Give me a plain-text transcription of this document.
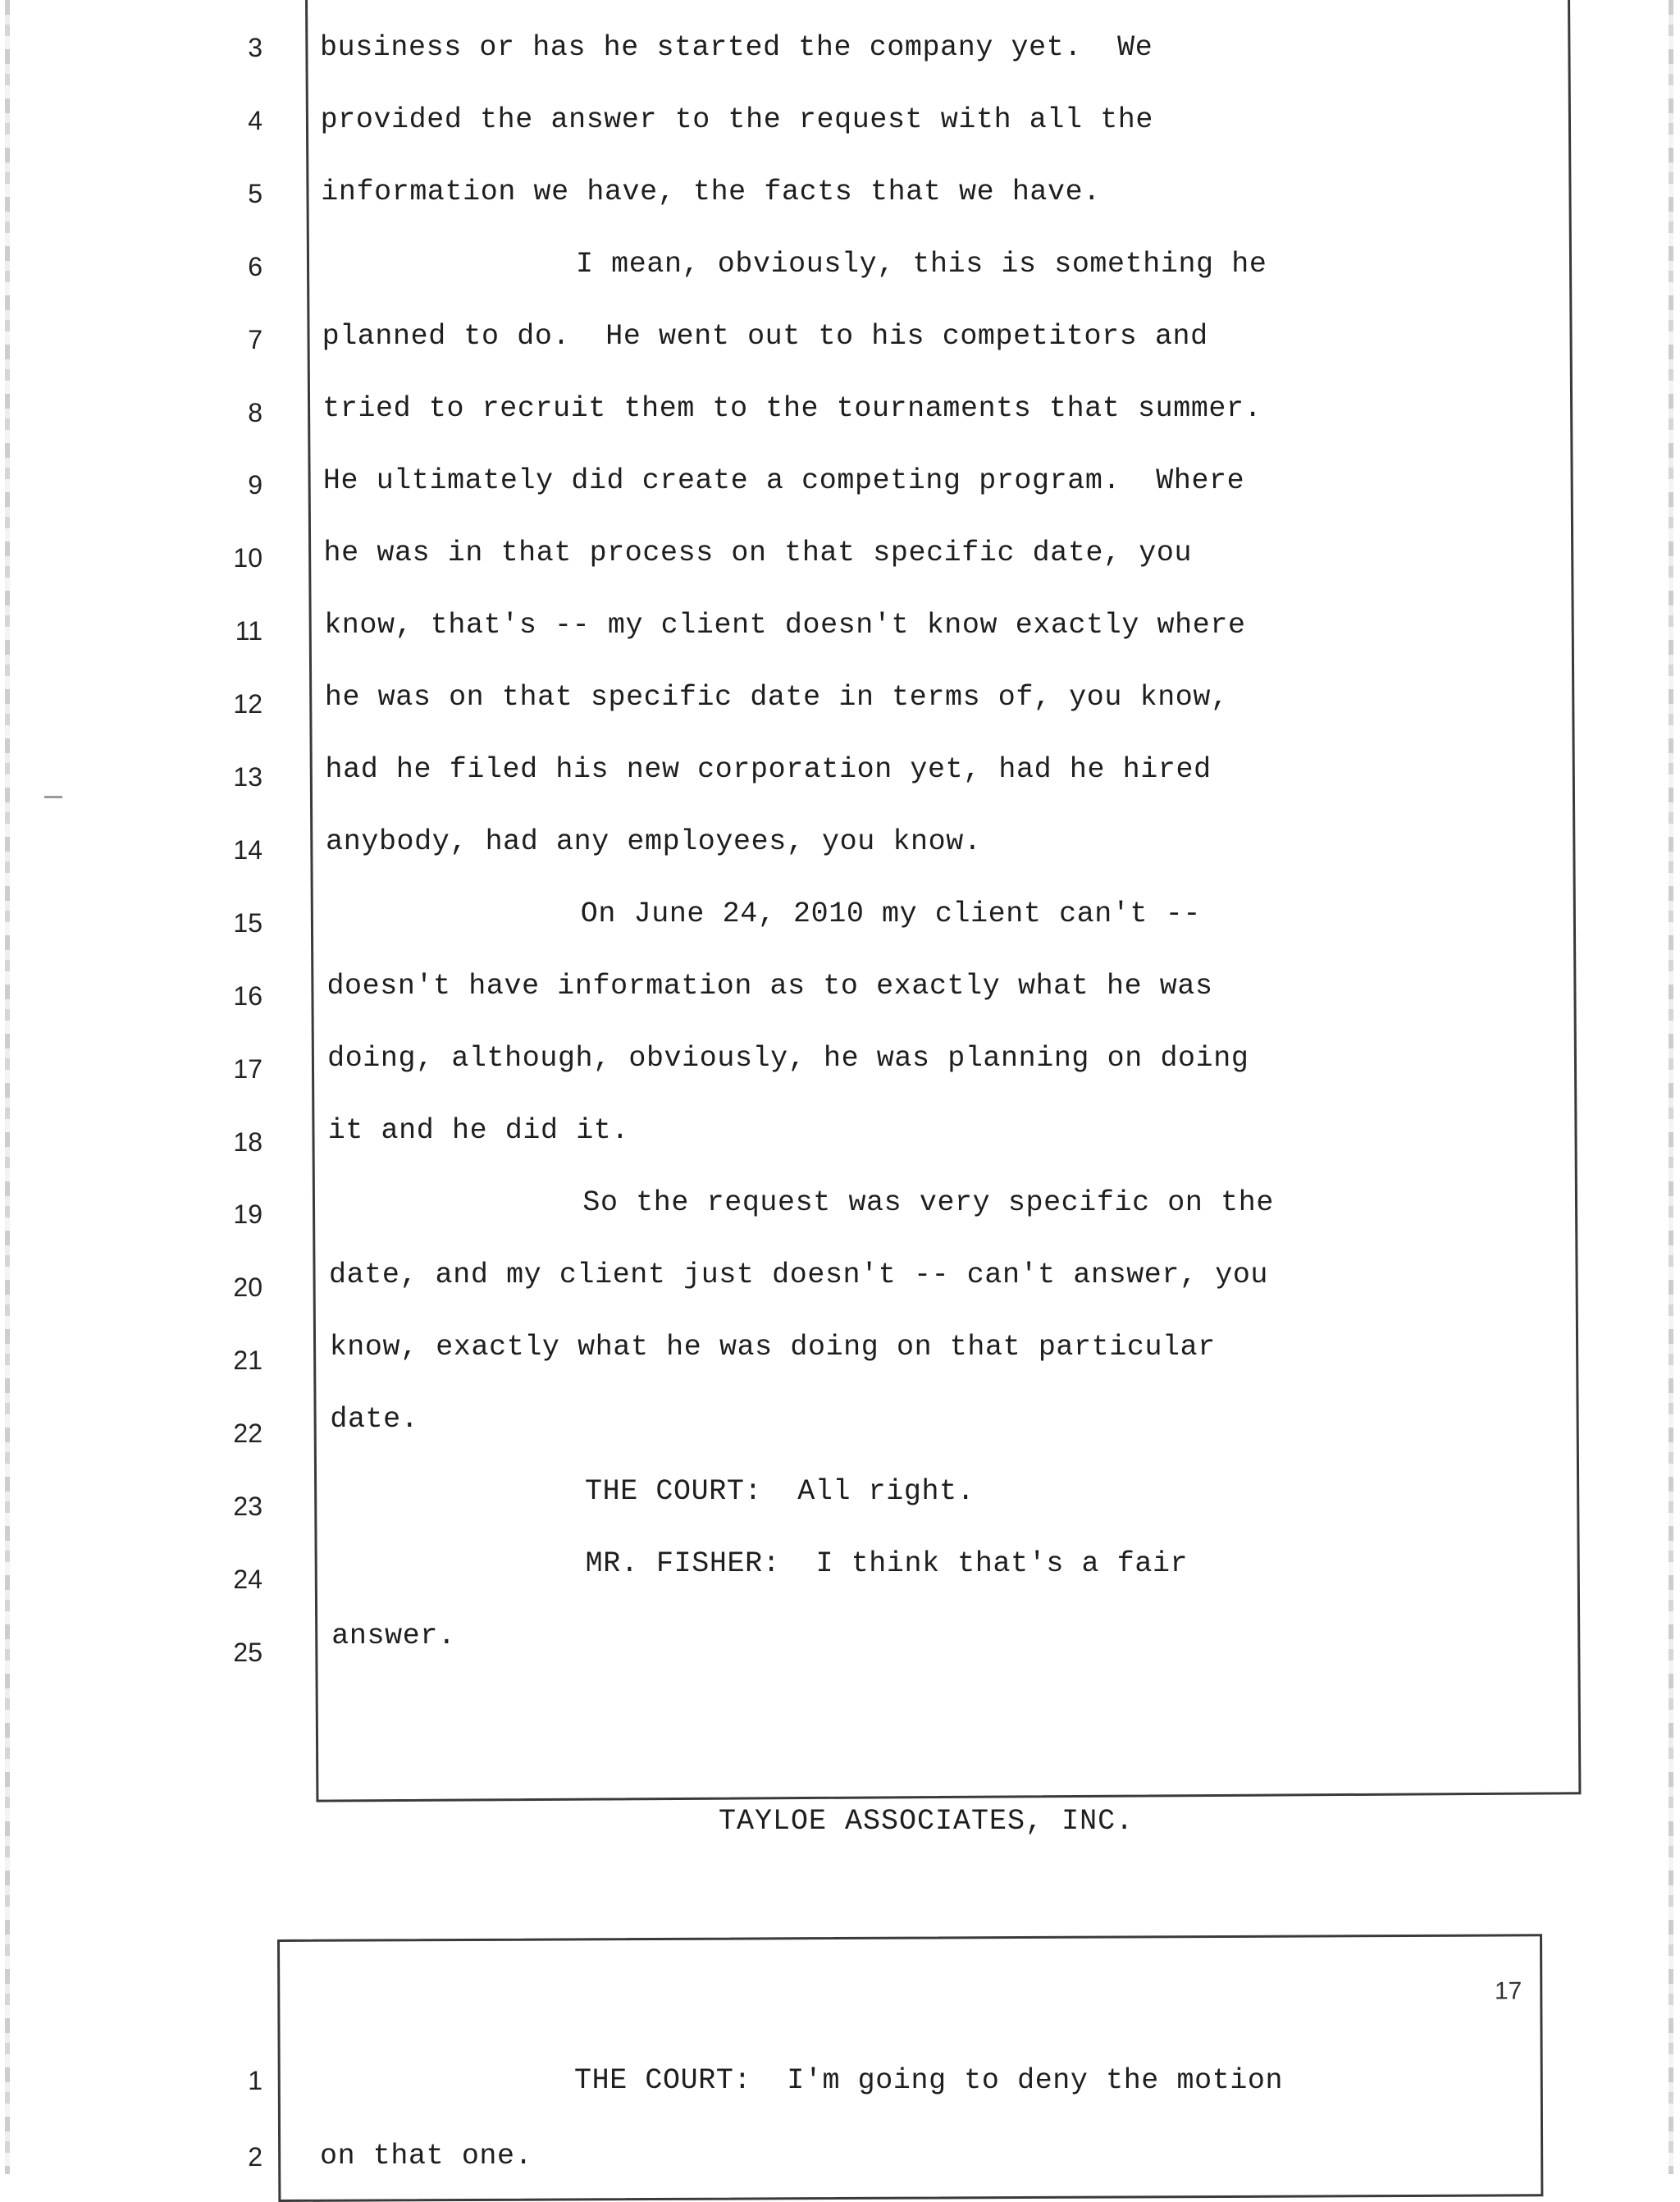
3 business or has he started the company yet.  We
4 provided the answer to the request with all the
5 information we have, the facts that we have.
6	I mean, obviously, this is something he
7 planned to do.  He went out to his competitors and
8 tried to recruit them to the tournaments that summer.
9 He ultimately did create a competing program.  Where
10 he was in that process on that specific date, you
11 know, that's -- my client doesn't know exactly where
12 he was on that specific date in terms of, you know,
13 had he filed his new corporation yet, had he hired
14 anybody, had any employees, you know.
15	On June 24, 2010 my client can't --
16 doesn't have information as to exactly what he was
17 doing, although, obviously, he was planning on doing
18 it and he did it.
19	So the request was very specific on the
20 date, and my client just doesn't -- can't answer, you
21 know, exactly what he was doing on that particular
22 date.
23	THE COURT:  All right.
24	MR. FISHER:  I think that's a fair
25 answer.
TAYLOE ASSOCIATES, INC.
17
1	THE COURT:  I'm going to deny the motion
2 on that one.
